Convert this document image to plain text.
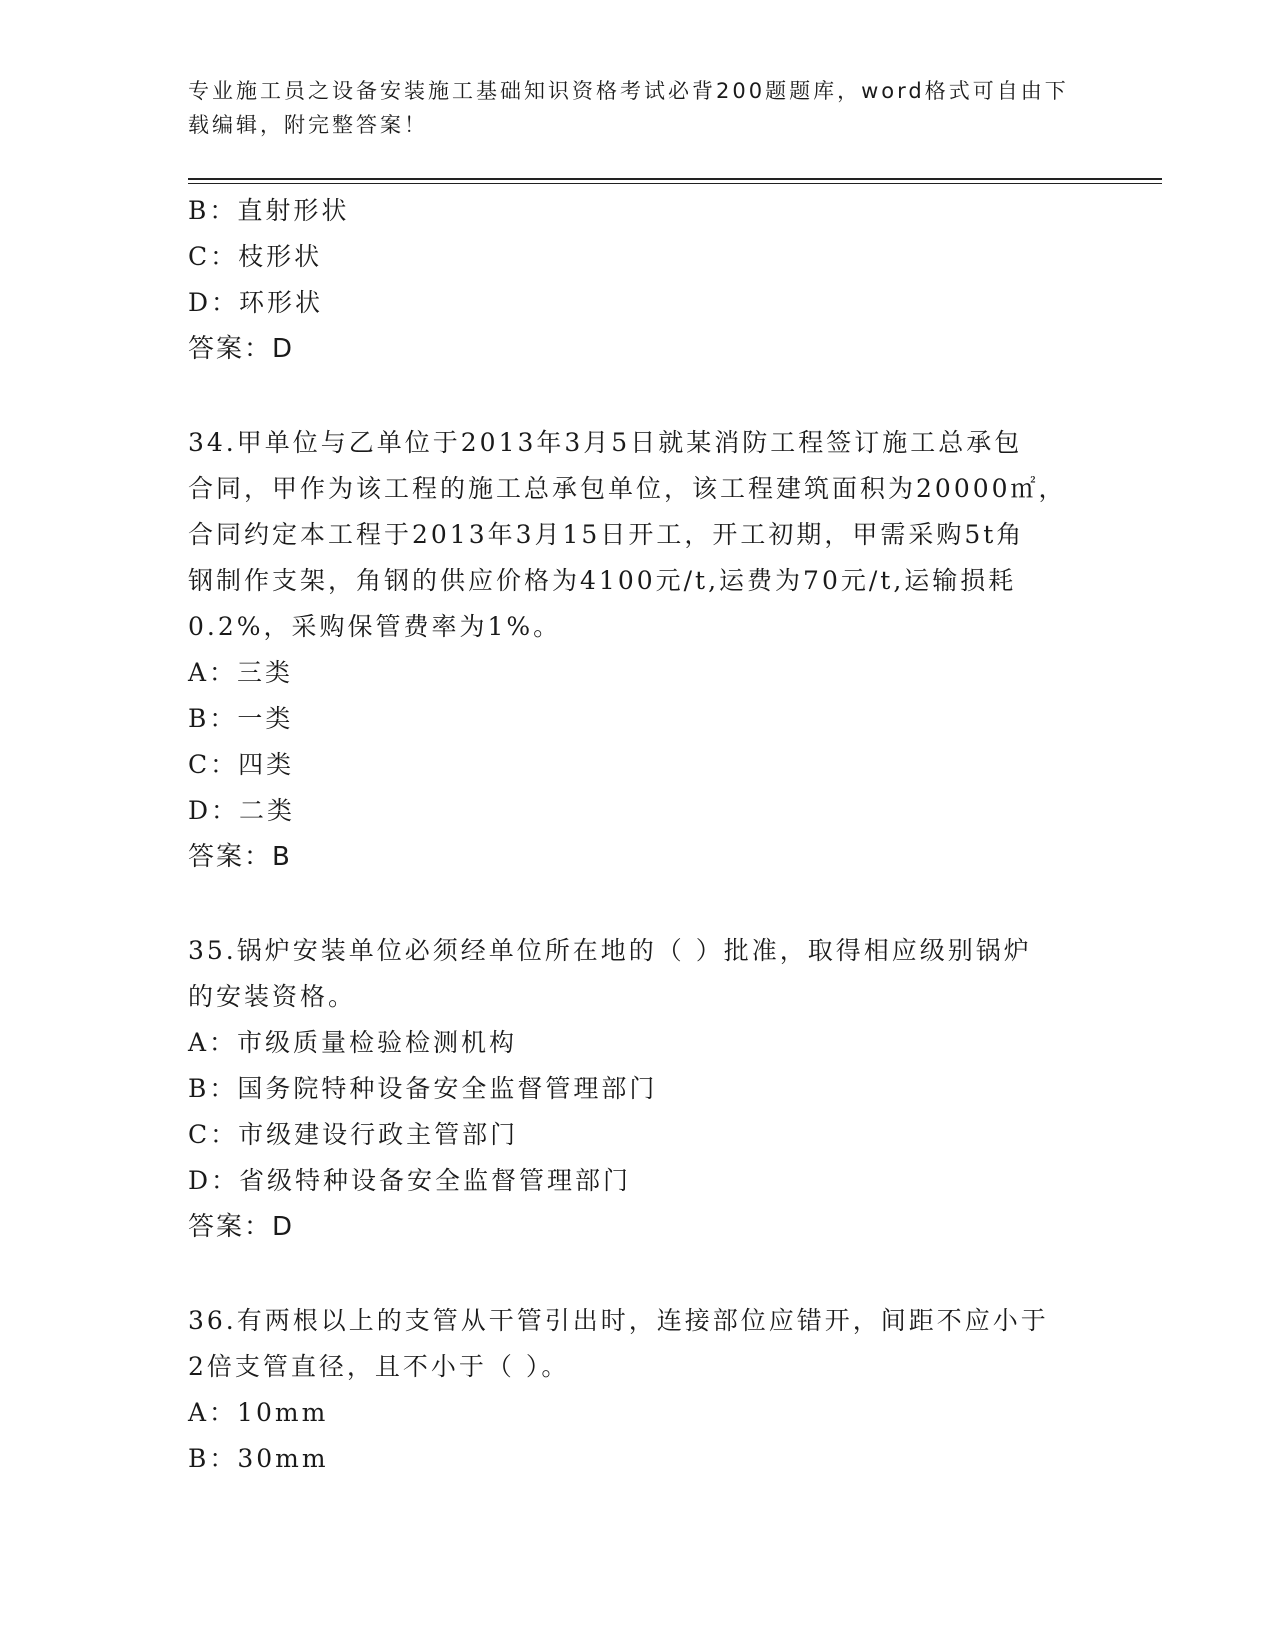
专业施工员之设备安装施工基础知识资格考试必背200题题库，word格式可自由下载编辑，附完整答案！
B：直射形状
C：枝形状
D：环形状
答案：D
34.甲单位与乙单位于2013年3月5日就某消防工程签订施工总承包
合同，甲作为该工程的施工总承包单位，该工程建筑面积为20000㎡，
合同约定本工程于2013年3月15日开工，开工初期，甲需采购5t角
钢制作支架，角钢的供应价格为4100元/t,运费为70元/t,运输损耗
0.2%，采购保管费率为1%。
A：三类
B：一类
C：四类
D：二类
答案：B
35.锅炉安装单位必须经单位所在地的（ ）批准，取得相应级别锅炉
的安装资格。
A：市级质量检验检测机构
B：国务院特种设备安全监督管理部门
C：市级建设行政主管部门
D：省级特种设备安全监督管理部门
答案：D
36.有两根以上的支管从干管引出时，连接部位应错开，间距不应小于
2倍支管直径，且不小于（ ）。
A：10mm
B：30mm
